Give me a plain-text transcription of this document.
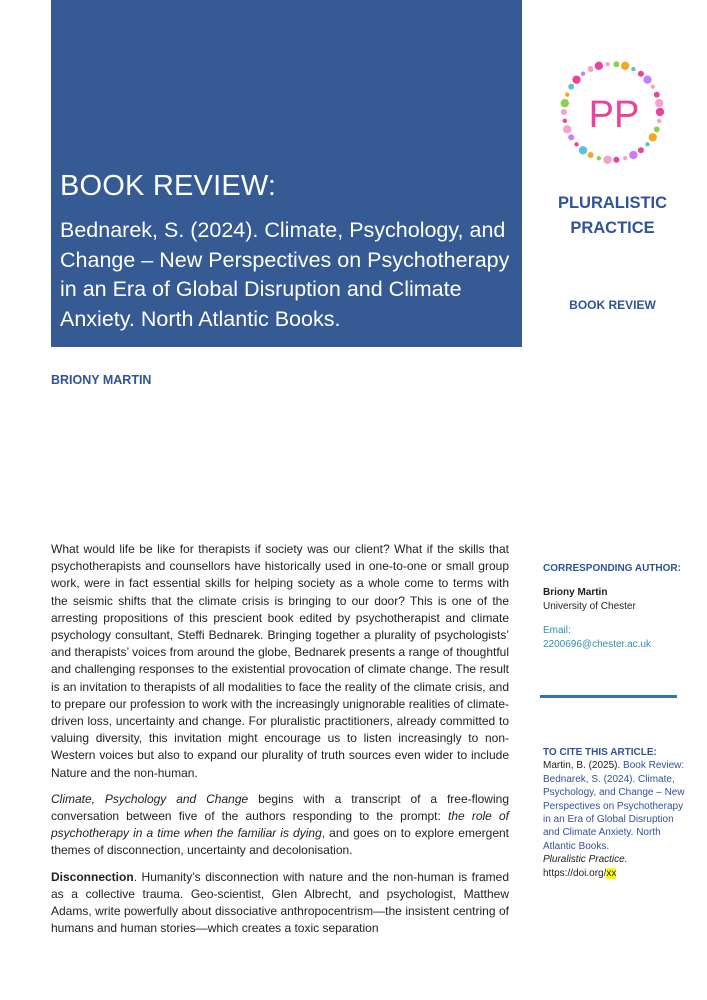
BOOK REVIEW:
Bednarek, S. (2024). Climate, Psychology, and Change – New Perspectives on Psychotherapy in an Era of Global Disruption and Climate Anxiety. North Atlantic Books.
BRIONY MARTIN
PP
PLURALISTIC
PRACTICE
BOOK REVIEW

What would life be like for therapists if society was our client? What if the skills that psychotherapists and counsellors have historically used in one-to-one or small group work, were in fact essential skills for helping society as a whole come to terms with the seismic shifts that the climate crisis is bringing to our door? This is one of the arresting propositions of this prescient book edited by psychotherapist and climate psychology consultant, Steffi Bednarek. Bringing together a plurality of psychologists’ and therapists’ voices from around the globe, Bednarek presents a range of thoughtful and challenging responses to the existential provocation of climate change. The result is an invitation to therapists of all modalities to face the reality of the climate crisis, and to prepare our profession to work with the increasingly unignorable realities of climate-driven loss, uncertainty and change. For pluralistic practitioners, already committed to valuing diversity, this invitation might encourage us to listen increasingly to non-Western voices but also to expand our plurality of truth sources even wider to include Nature and the non-human.

Climate, Psychology and Change begins with a transcript of a free-flowing conversation between five of the authors responding to the prompt: the role of psychotherapy in a time when the familiar is dying, and goes on to explore emergent themes of disconnection, uncertainty and decolonisation.

Disconnection. Humanity’s disconnection with nature and the non-human is framed as a collective trauma. Geo-scientist, Glen Albrecht, and psychologist, Matthew Adams, write powerfully about dissociative anthropocentrism—the insistent centring of humans and human stories—which creates a toxic separation

CORRESPONDING AUTHOR:
Briony Martin
University of Chester
Email:
2200696@chester.ac.uk
TO CITE THIS ARTICLE:
Martin, B. (2025). Book Review: Bednarek, S. (2024). Climate, Psychology, and Change – New Perspectives on Psychotherapy in an Era of Global Disruption and Climate Anxiety. North Atlantic Books.
Pluralistic Practice.
https://doi.org/xx
